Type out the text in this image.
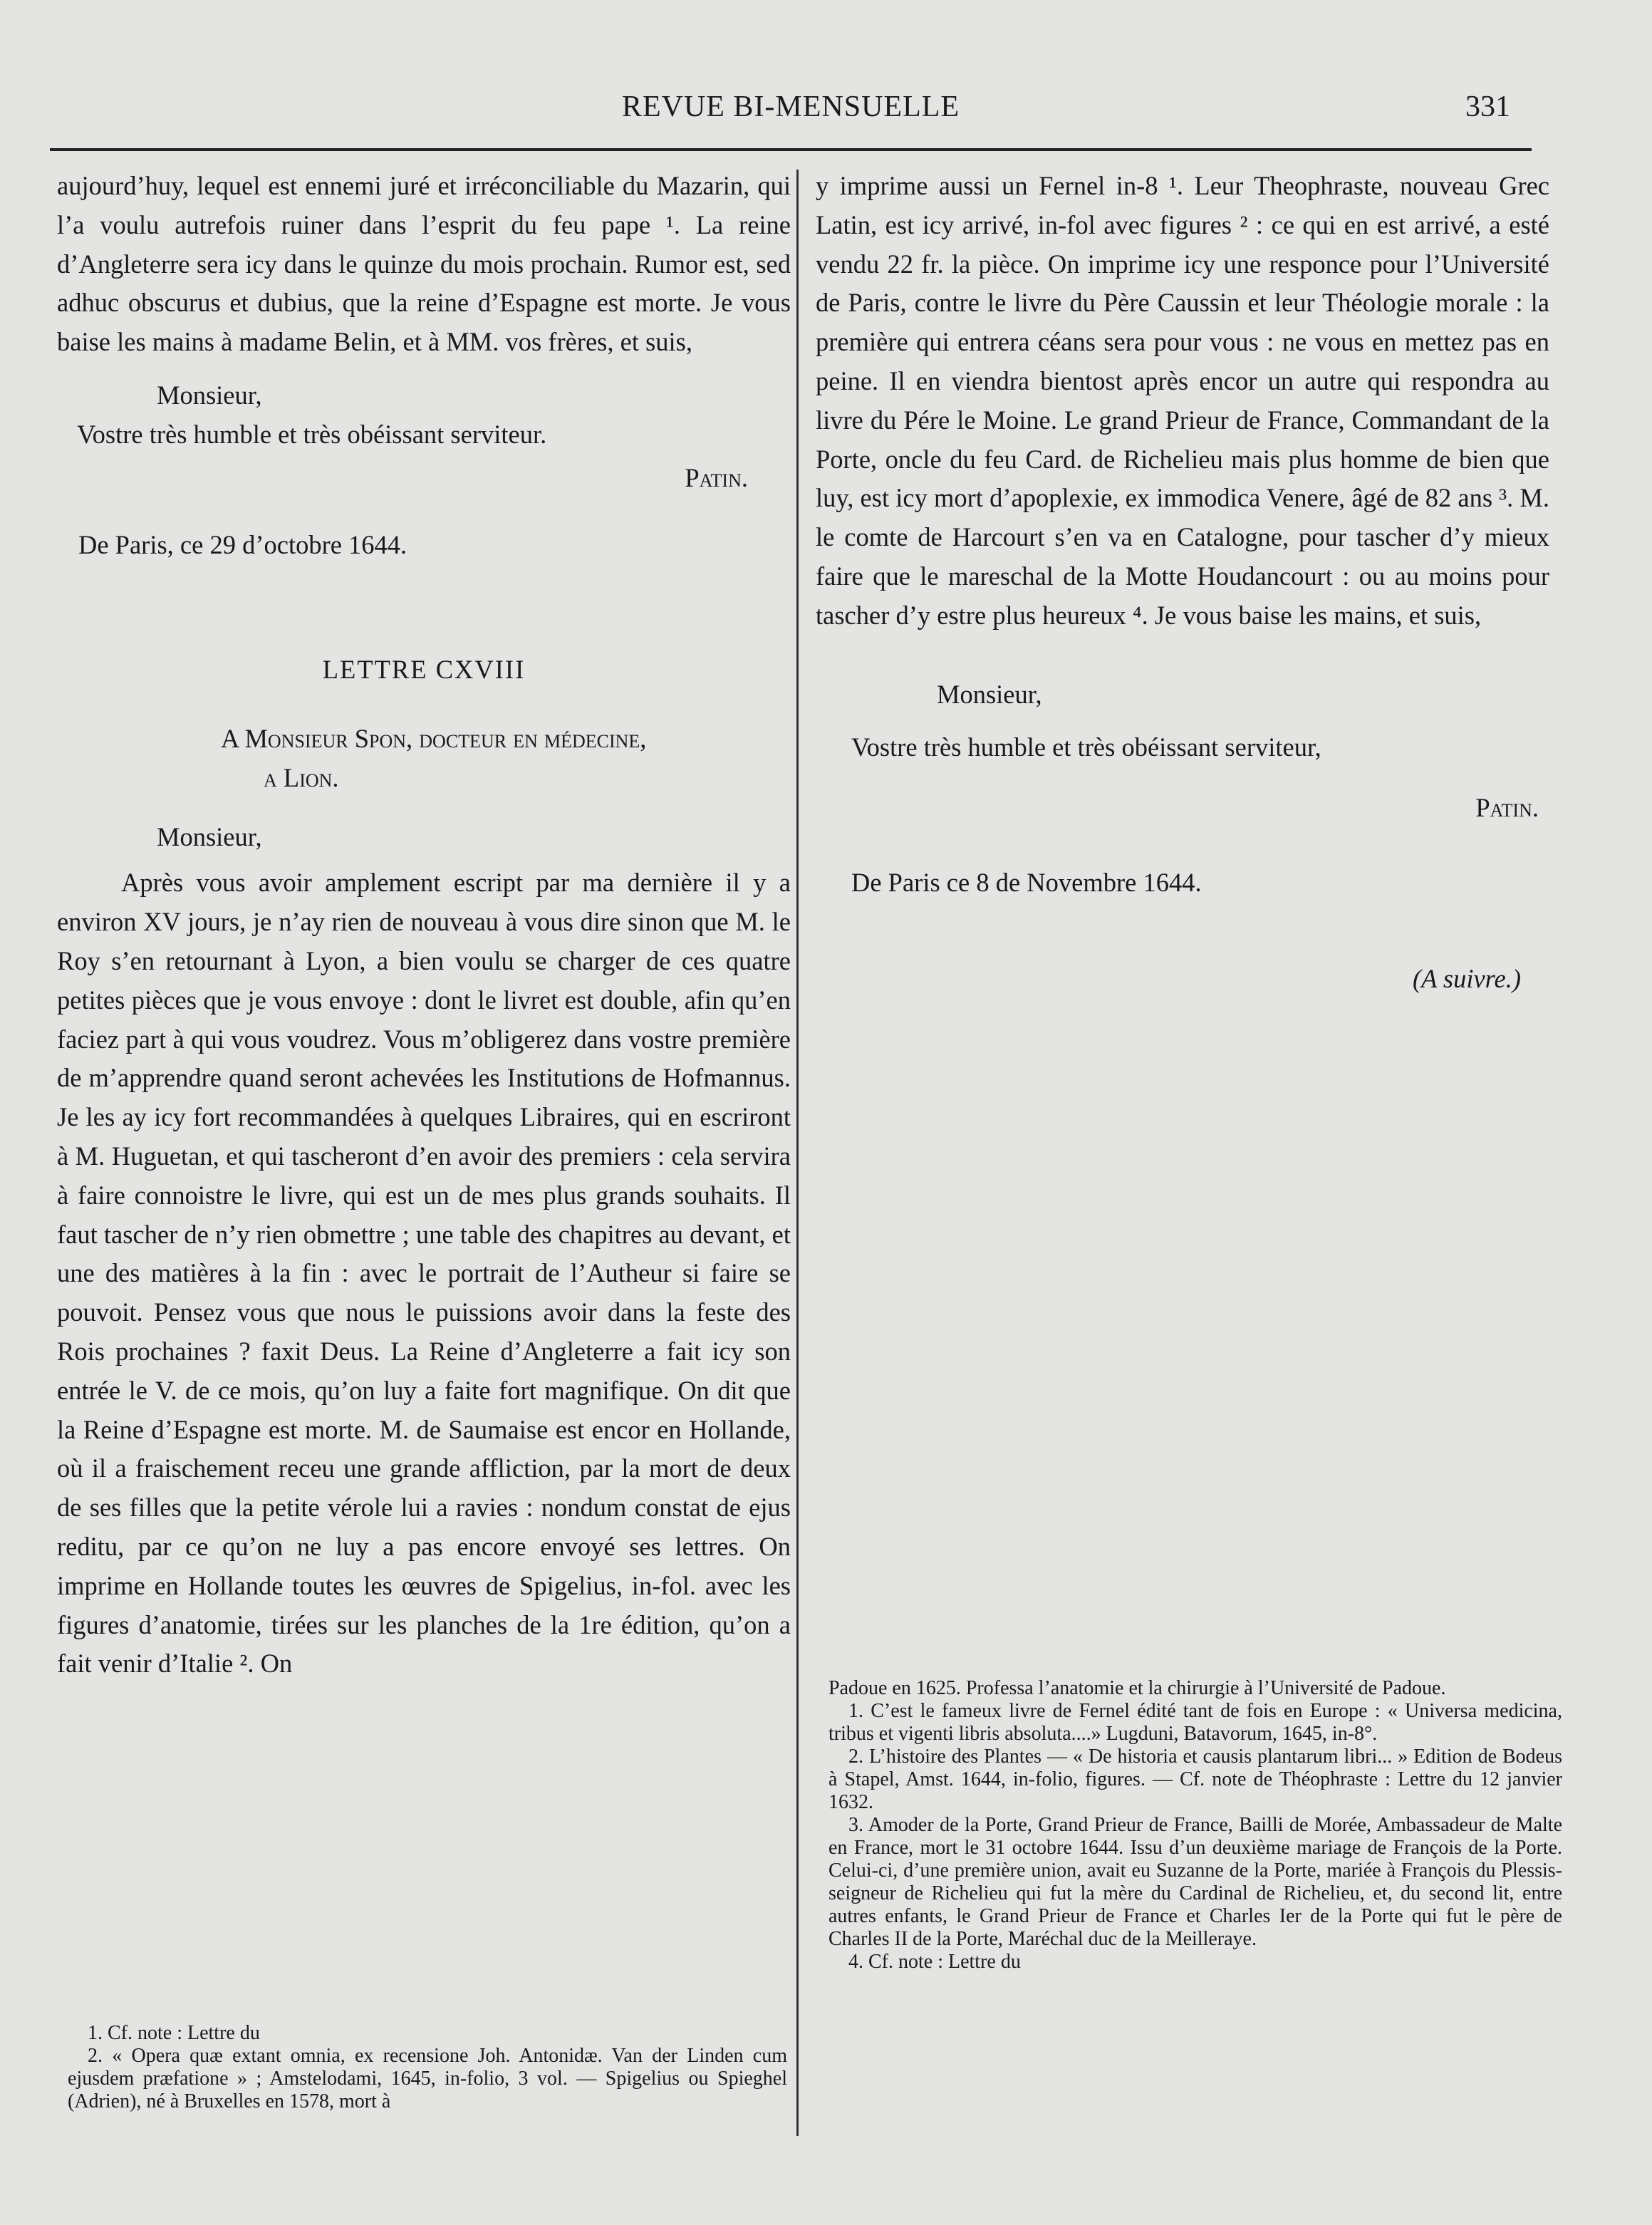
REVUE BI-MENSUELLE	331

aujourd’huy, lequel est ennemi juré et irréconciliable du Mazarin, qui l’a voulu autrefois ruiner dans l’esprit du feu pape ¹. La reine d’Angleterre sera icy dans le quinze du mois prochain. Rumor est, sed adhuc obscurus et dubius, que la reine d’Espagne est morte. Je vous baise les mains à madame Belin, et à MM. vos frères, et suis,

Monsieur,

Vostre très humble et très obéissant serviteur.

Patin.

De Paris, ce 29 d’octobre 1644.

LETTRE CXVIII

A Monsieur Spon, docteur en médecine,

a Lion.

Monsieur,

Après vous avoir amplement escript par ma dernière il y a environ XV jours, je n’ay rien de nouveau à vous dire sinon que M. le Roy s’en retournant à Lyon, a bien voulu se charger de ces quatre petites pièces que je vous envoye : dont le livret est double, afin qu’en faciez part à qui vous voudrez. Vous m’obligerez dans vostre première de m’apprendre quand seront achevées les Institutions de Hofmannus. Je les ay icy fort recommandées à quelques Libraires, qui en escriront à M. Huguetan, et qui tascheront d’en avoir des premiers : cela servira à faire connoistre le livre, qui est un de mes plus grands souhaits. Il faut tascher de n’y rien obmettre ; une table des chapitres au devant, et une des matières à la fin : avec le portrait de l’Autheur si faire se pouvoit. Pensez vous que nous le puissions avoir dans la feste des Rois prochaines ? faxit Deus. La Reine d’Angleterre a fait icy son entrée le V. de ce mois, qu’on luy a faite fort magnifique. On dit que la Reine d’Espagne est morte. M. de Saumaise est encor en Hollande, où il a fraischement receu une grande affliction, par la mort de deux de ses filles que la petite vérole lui a ravies : nondum constat de ejus reditu, par ce qu’on ne luy a pas encore envoyé ses lettres. On imprime en Hollande toutes les œuvres de Spigelius, in-fol. avec les figures d’anatomie, tirées sur les planches de la 1re édition, qu’on a fait venir d’Italie ². On

1. Cf. note : Lettre du

2. « Opera quæ extant omnia, ex recensione Joh. Antonidæ. Van der Linden cum ejusdem præfatione » ; Amstelodami, 1645, in-folio, 3 vol. — Spigelius ou Spieghel (Adrien), né à Bruxelles en 1578, mort à

y imprime aussi un Fernel in-8 ¹. Leur Theophraste, nouveau Grec Latin, est icy arrivé, in-fol avec figures ² : ce qui en est arrivé, a esté vendu 22 fr. la pièce. On imprime icy une responce pour l’Université de Paris, contre le livre du Père Caussin et leur Théologie morale : la première qui entrera céans sera pour vous : ne vous en mettez pas en peine. Il en viendra bientost après encor un autre qui respondra au livre du Pére le Moine. Le grand Prieur de France, Commandant de la Porte, oncle du feu Card. de Richelieu mais plus homme de bien que luy, est icy mort d’apoplexie, ex immodica Venere, âgé de 82 ans ³. M. le comte de Harcourt s’en va en Catalogne, pour tascher d’y mieux faire que le mareschal de la Motte Houdancourt : ou au moins pour tascher d’y estre plus heureux ⁴. Je vous baise les mains, et suis,

Monsieur,

Vostre très humble et très obéissant serviteur,

Patin.

De Paris ce 8 de Novembre 1644.

(A suivre.)

Padoue en 1625. Professa l’anatomie et la chirurgie à l’Université de Padoue.

1. C’est le fameux livre de Fernel édité tant de fois en Europe : « Universa medicina, tribus et vigenti libris absoluta....» Lugduni, Batavorum, 1645, in-8°.

2. L’histoire des Plantes — « De historia et causis plantarum libri... » Edition de Bodeus à Stapel, Amst. 1644, in-folio, figures. — Cf. note de Théophraste : Lettre du 12 janvier 1632.

3. Amoder de la Porte, Grand Prieur de France, Bailli de Morée, Ambassadeur de Malte en France, mort le 31 octobre 1644. Issu d’un deuxième mariage de François de la Porte. Celui-ci, d’une première union, avait eu Suzanne de la Porte, mariée à François du Plessis-seigneur de Richelieu qui fut la mère du Cardinal de Richelieu, et, du second lit, entre autres enfants, le Grand Prieur de France et Charles Ier de la Porte qui fut le père de Charles II de la Porte, Maréchal duc de la Meilleraye.

4. Cf. note : Lettre du
